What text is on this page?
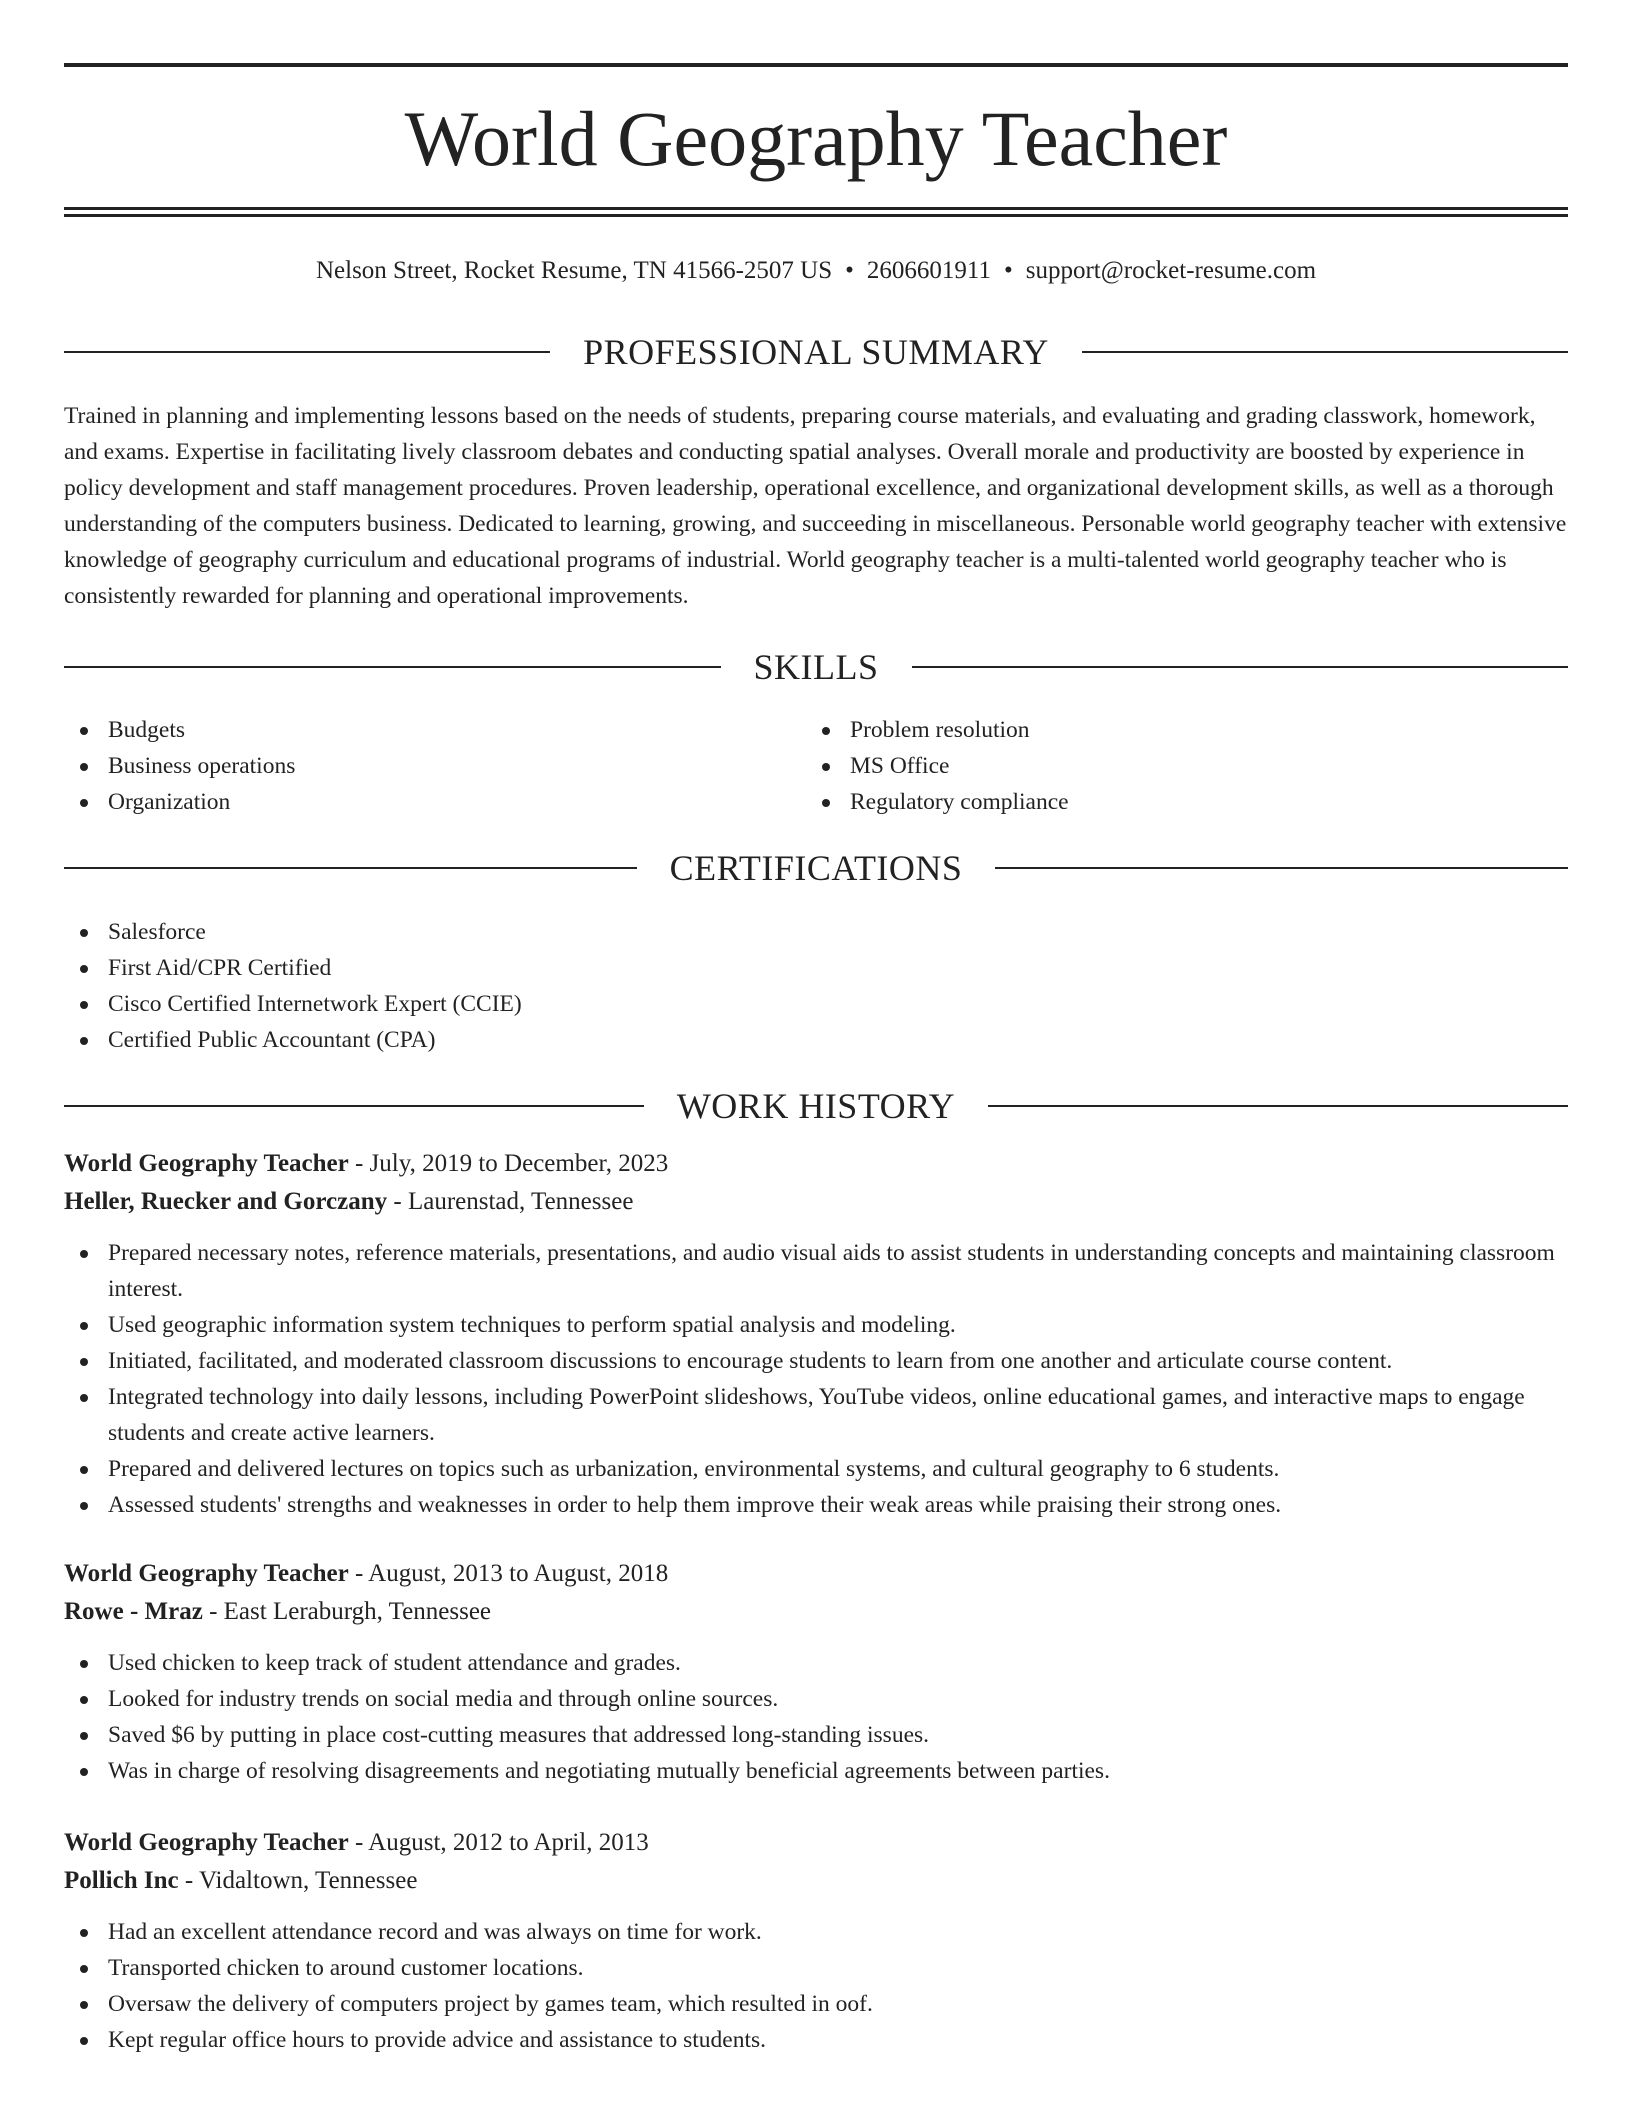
World Geography Teacher
Nelson Street, Rocket Resume, TN 41566-2507 US • 2606601911 • support@rocket-resume.com
PROFESSIONAL SUMMARY

Trained in planning and implementing lessons based on the needs of students, preparing course materials, and evaluating and grading classwork, homework, and exams. Expertise in facilitating lively classroom debates and conducting spatial analyses. Overall morale and productivity are boosted by experience in policy development and staff management procedures. Proven leadership, operational excellence, and organizational development skills, as well as a thorough understanding of the computers business. Dedicated to learning, growing, and succeeding in miscellaneous. Personable world geography teacher with extensive knowledge of geography curriculum and educational programs of industrial. World geography teacher is a multi-talented world geography teacher who is consistently rewarded for planning and operational improvements.

SKILLS
Budgets
Business operations
Organization
Problem resolution
MS Office
Regulatory compliance
CERTIFICATIONS
Salesforce
First Aid/CPR Certified
Cisco Certified Internetwork Expert (CCIE)
Certified Public Accountant (CPA)
WORK HISTORY
World Geography Teacher - July, 2019 to December, 2023
Heller, Ruecker and Gorczany - Laurenstad, Tennessee
Prepared necessary notes, reference materials, presentations, and audio visual aids to assist students in understanding concepts and maintaining classroom interest.
Used geographic information system techniques to perform spatial analysis and modeling.
Initiated, facilitated, and moderated classroom discussions to encourage students to learn from one another and articulate course content.
Integrated technology into daily lessons, including PowerPoint slideshows, YouTube videos, online educational games, and interactive maps to engage students and create active learners.
Prepared and delivered lectures on topics such as urbanization, environmental systems, and cultural geography to 6 students.
Assessed students' strengths and weaknesses in order to help them improve their weak areas while praising their strong ones.
World Geography Teacher - August, 2013 to August, 2018
Rowe - Mraz - East Leraburgh, Tennessee
Used chicken to keep track of student attendance and grades.
Looked for industry trends on social media and through online sources.
Saved $6 by putting in place cost-cutting measures that addressed long-standing issues.
Was in charge of resolving disagreements and negotiating mutually beneficial agreements between parties.
World Geography Teacher - August, 2012 to April, 2013
Pollich Inc - Vidaltown, Tennessee
Had an excellent attendance record and was always on time for work.
Transported chicken to around customer locations.
Oversaw the delivery of computers project by games team, which resulted in oof.
Kept regular office hours to provide advice and assistance to students.
